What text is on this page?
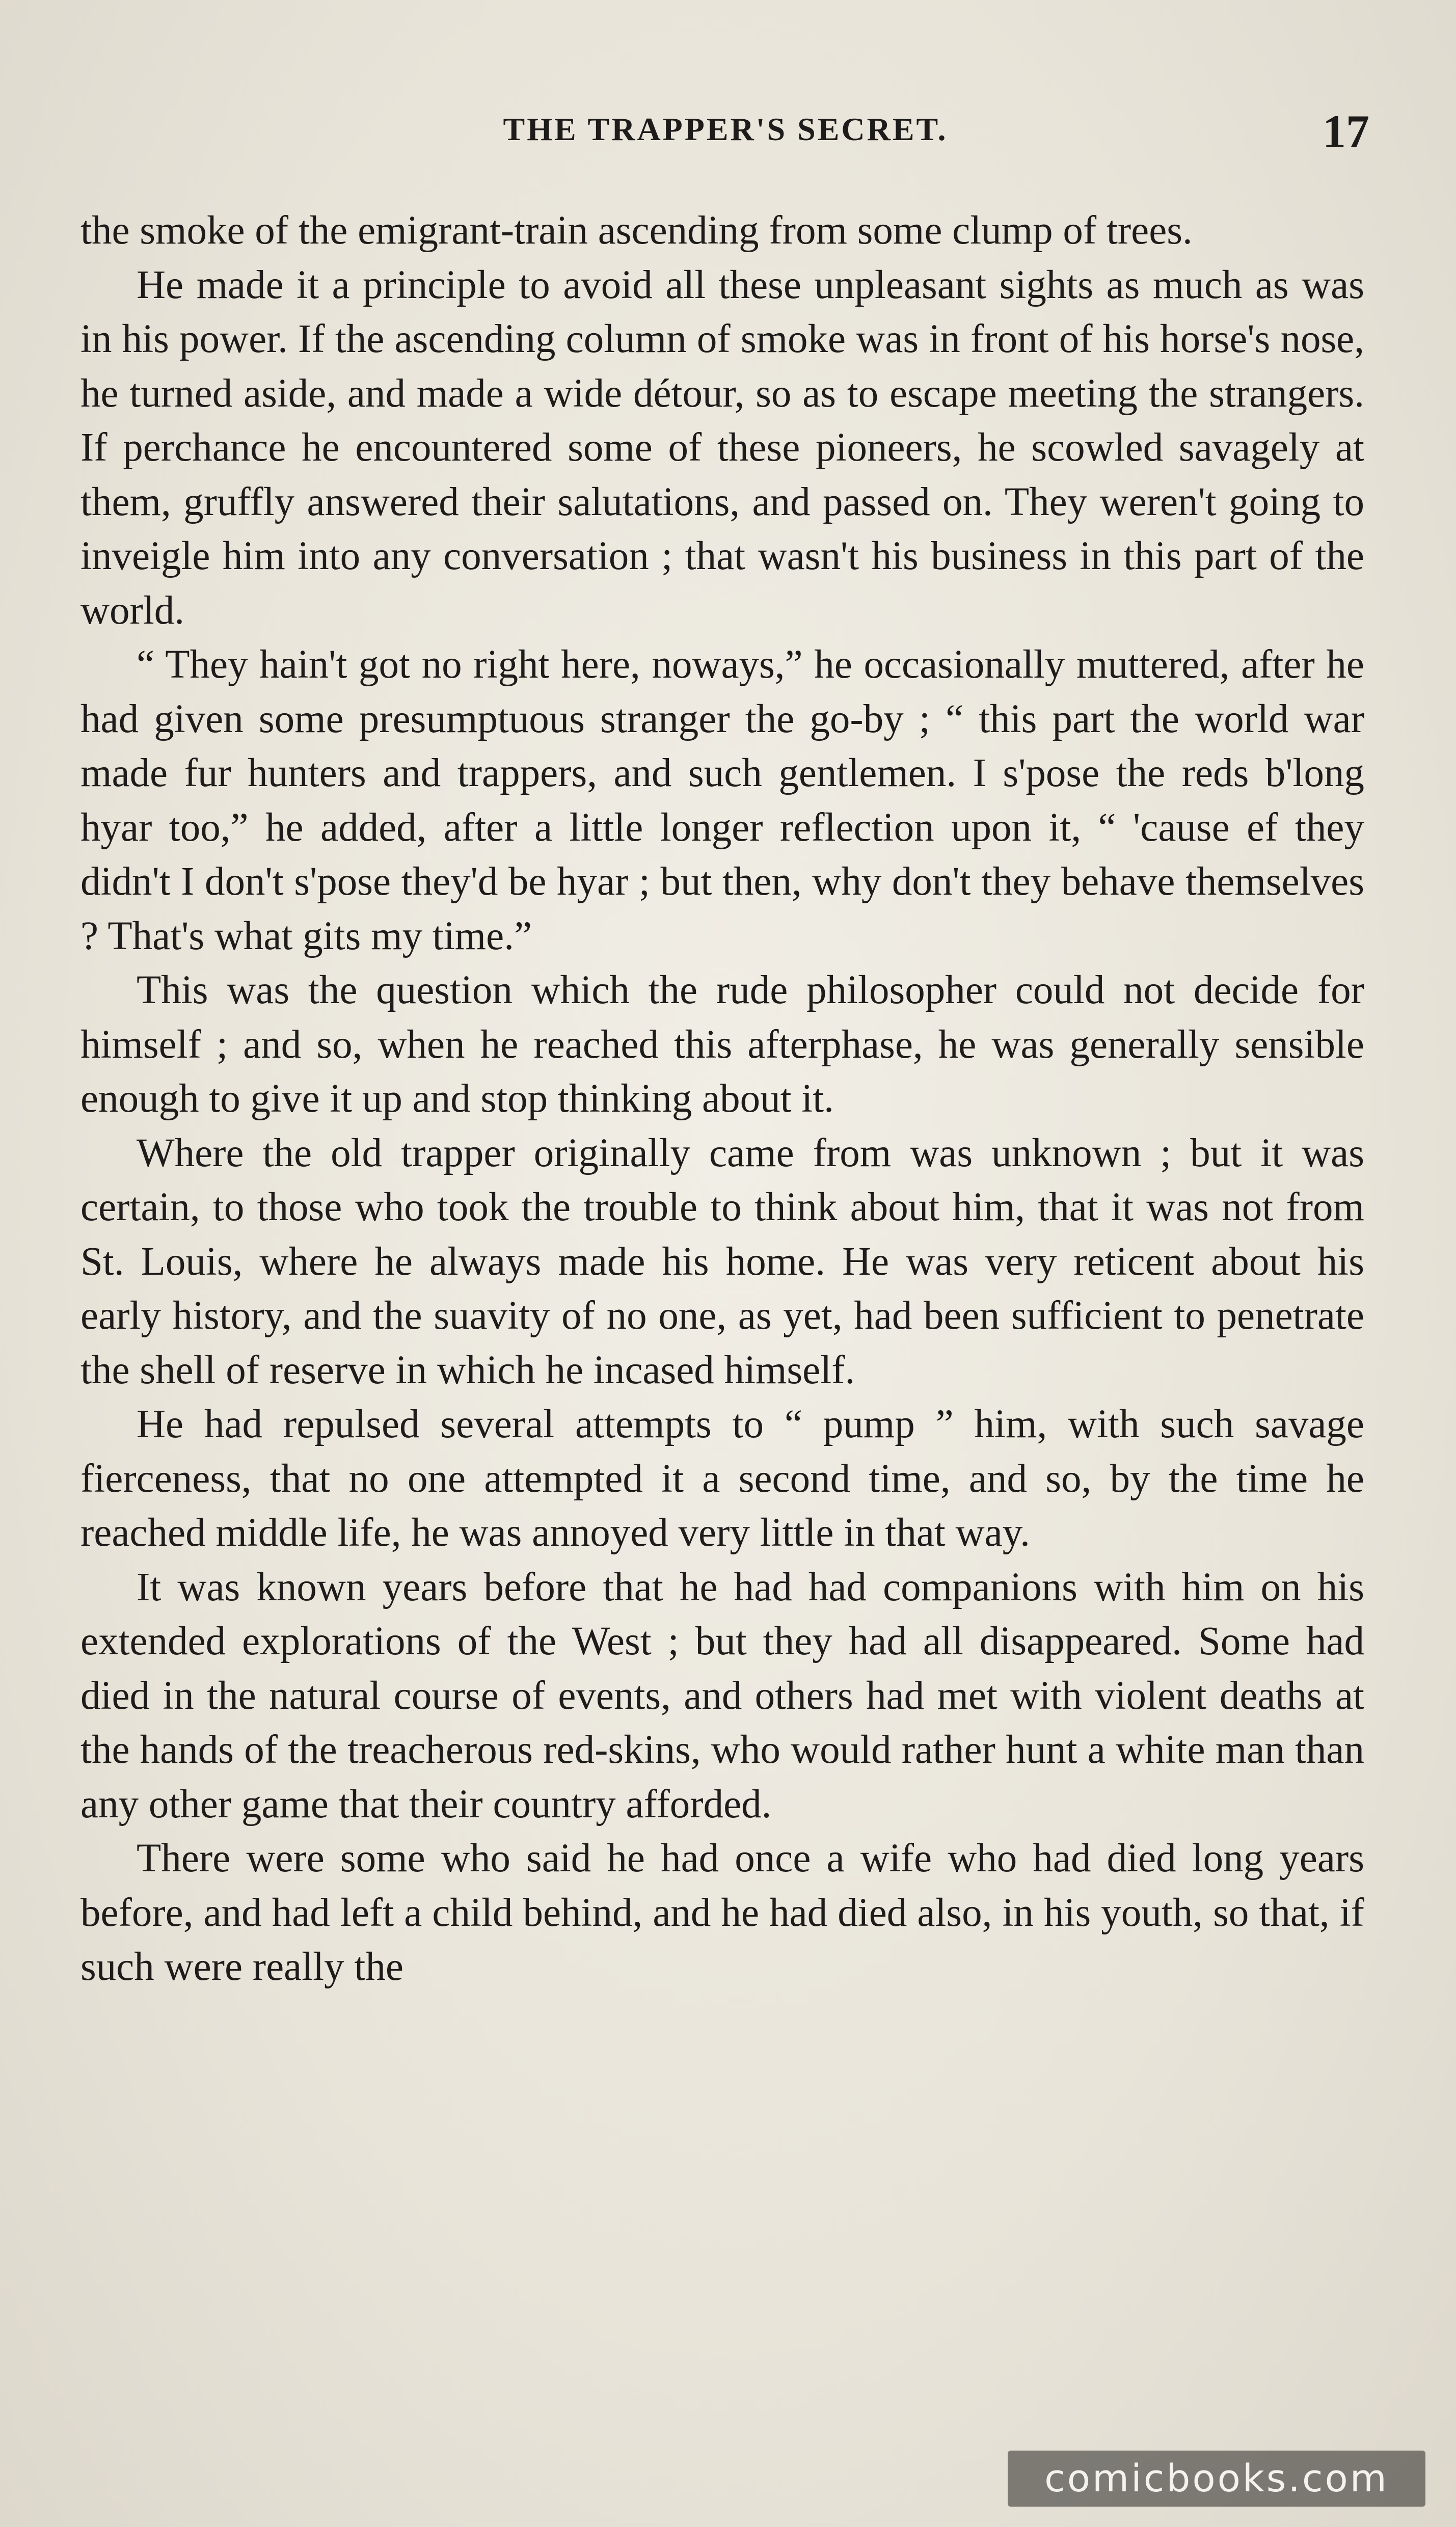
THE TRAPPER'S SECRET.	17

the smoke of the emigrant-train ascending from some clump of trees.

He made it a principle to avoid all these unpleasant sights as much as was in his power. If the ascending column of smoke was in front of his horse's nose, he turned aside, and made a wide détour, so as to escape meeting the strangers. If perchance he encountered some of these pioneers, he scowled savagely at them, gruffly answered their salutations, and passed on. They weren't going to inveigle him into any conversation ; that wasn't his business in this part of the world.

“ They hain't got no right here, noways,” he occasionally muttered, after he had given some presumptuous stranger the go-by ; “ this part the world war made fur hunters and trappers, and such gentlemen. I s'pose the reds b'long hyar too,” he added, after a little longer reflection upon it, “ 'cause ef they didn't I don't s'pose they'd be hyar ; but then, why don't they behave themselves ? That's what gits my time.”

This was the question which the rude philosopher could not decide for himself ; and so, when he reached this afterphase, he was generally sensible enough to give it up and stop thinking about it.

Where the old trapper originally came from was unknown ; but it was certain, to those who took the trouble to think about him, that it was not from St. Louis, where he always made his home. He was very reticent about his early history, and the suavity of no one, as yet, had been sufficient to penetrate the shell of reserve in which he incased himself.

He had repulsed several attempts to “ pump ” him, with such savage fierceness, that no one attempted it a second time, and so, by the time he reached middle life, he was annoyed very little in that way.

It was known years before that he had had companions with him on his extended explorations of the West ; but they had all disappeared. Some had died in the natural course of events, and others had met with violent deaths at the hands of the treacherous red-skins, who would rather hunt a white man than any other game that their country afforded.

There were some who said he had once a wife who had died long years before, and had left a child behind, and he had died also, in his youth, so that, if such were really the

comicbooks.com
